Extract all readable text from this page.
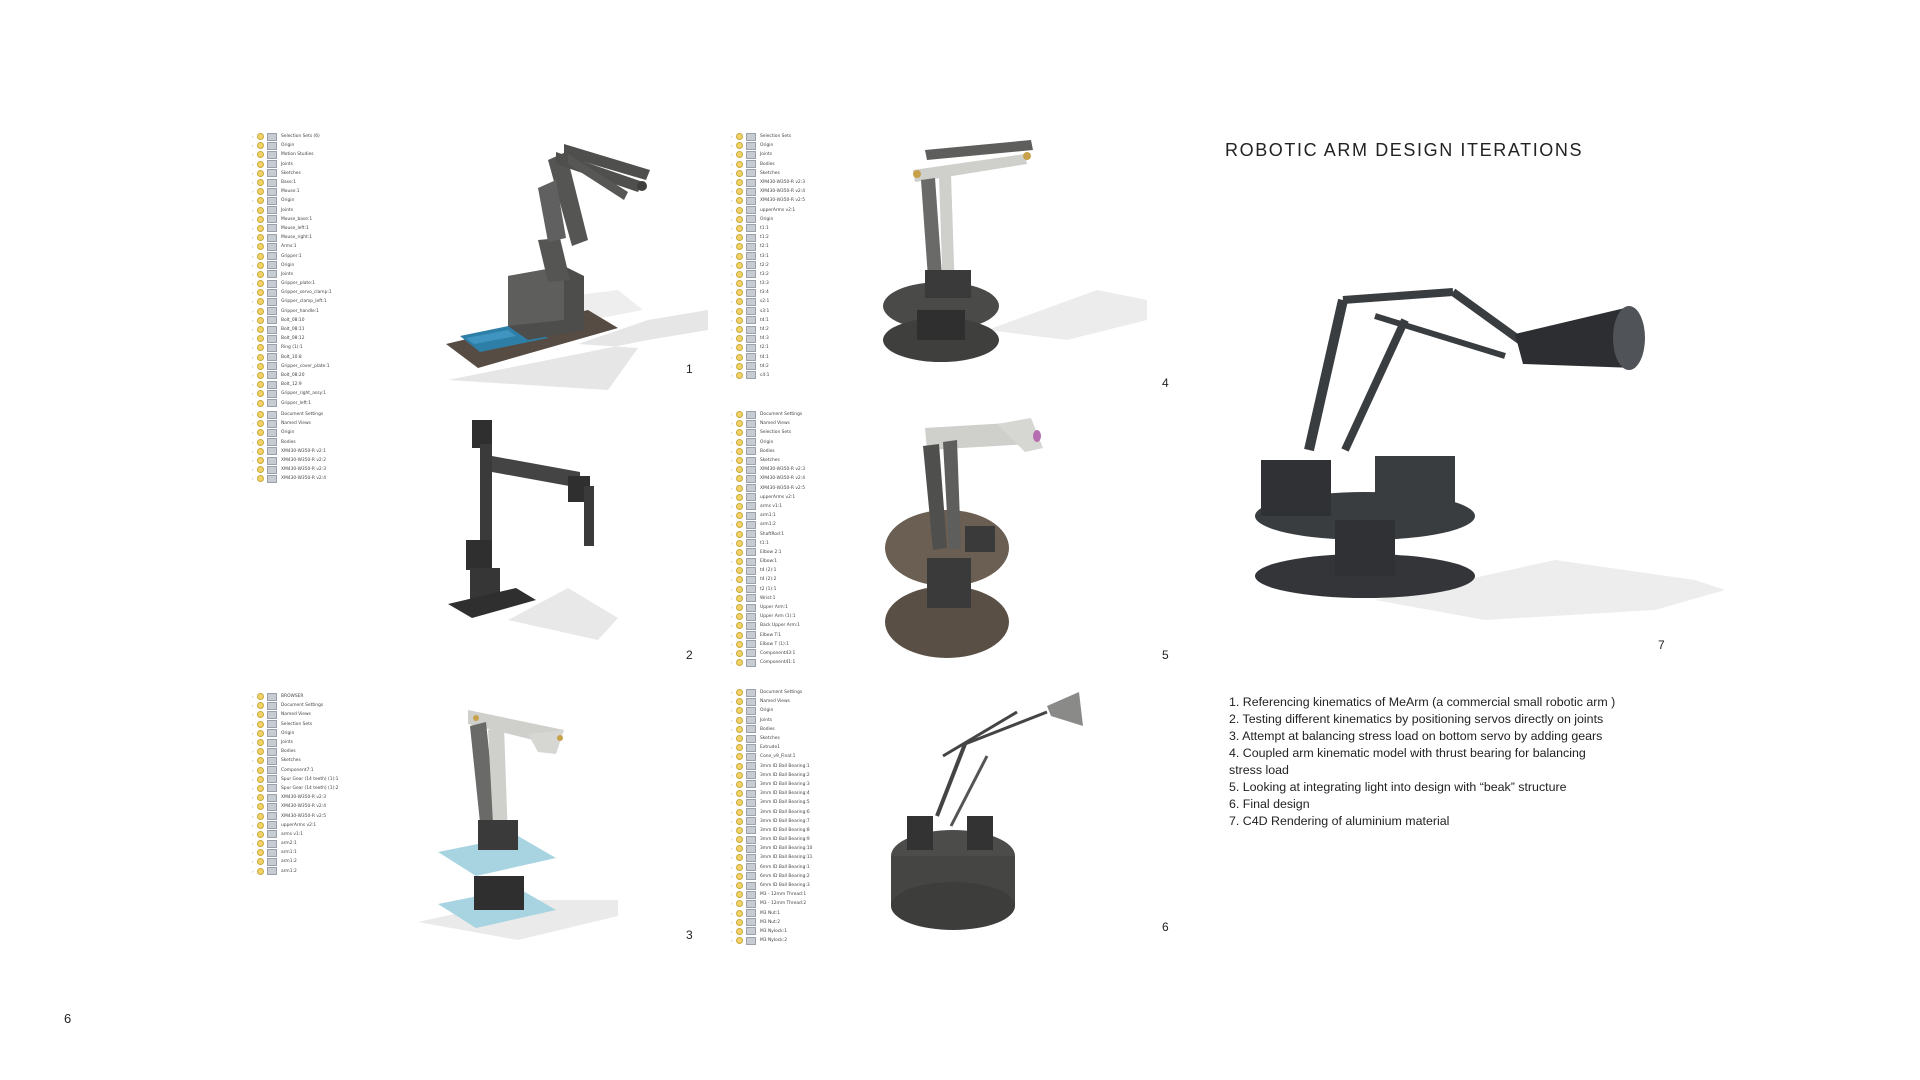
ROBOTIC ARM DESIGN ITERATIONS
›	Selection Sets (6)
›	Origin
›	Motion Studies
›	Joints
›	Sketches
›	Base:1
›	Mouse:1
›	Origin
›	Joints
›	Mouse_base:1
›	Mouse_left:1
›	Mouse_right:1
›	Arms:1
›	Gripper:1
›	Origin
›	Joints
›	Gripper_plate:1
›	Gripper_servo_clamp:1
›	Gripper_clamp_left:1
›	Gripper_handle:1
›	Bolt_08:10
›	Bolt_08:11
›	Bolt_08:12
›	Ring (1):1
›	Bolt_10:8
›	Gripper_cover_plate:1
›	Bolt_08:20
›	Bolt_12:9
›	Gripper_right_assy:1
›	Gripper_left:1
1
›	Document Settings
›	Named Views
›	Origin
›	Bodies
›	XM430-W350-R v2:1
›	XM430-W350-R v2:2
›	XM430-W350-R v2:3
›	XM430-W350-R v2:4
2
›	BROWSER
›	Document Settings
›	Named Views
›	Selection Sets
›	Origin
›	Joints
›	Bodies
›	Sketches
›	Component7:1
›	Spur Gear (14 teeth) (1):1
›	Spur Gear (14 teeth) (1):2
›	XM430-W350-R v2:3
›	XM430-W350-R v2:4
›	XM430-W350-R v2:5
›	upperArms v2:1
›	arms v1:1
›	arm2:1
›	arm1:1
›	arm1:2
›	arm1:2
3
›	Selection Sets
›	Origin
›	Joints
›	Bodies
›	Sketches
›	XM430-W350-R v2:3
›	XM430-W350-R v2:4
›	XM430-W350-R v2:5
›	upperArms v2:1
›	Origin
›	t1:1
›	t1:2
›	t2:1
›	t3:1
›	t2:2
›	t3:2
›	t3:3
›	t3:4
›	s2:1
›	s3:1
›	t4:1
›	t4:2
›	t4:3
›	t2:1
›	t4:1
›	t4:2
›	c4:1
4
›	Document Settings
›	Named Views
›	Selection Sets
›	Origin
›	Bodies
›	Sketches
›	XM430-W350-R v2:3
›	XM430-W350-R v2:4
›	XM430-W350-R v2:5
›	upperArms v2:1
›	arms v1:1
›	arm1:1
›	arm1:2
›	ShaftRod:1
›	t1:1
›	Elbow 2:1
›	Elbow:1
›	t4 (2):1
›	t4 (2):2
›	t2 (1):1
›	Wrist:1
›	Upper Arm:1
›	Upper Arm (1):1
›	Back Upper Arm:1
›	Elbow T:1
›	Elbow T (1):1
›	Component43:1
›	Component41:1
5
›	Document Settings
›	Named Views
›	Origin
›	Joints
›	Bodies
›	Sketches
›	Extrude1
›	Cone_v9_Final:1
›	3mm ID Ball Bearing:1
›	3mm ID Ball Bearing:2
›	3mm ID Ball Bearing:3
›	3mm ID Ball Bearing:4
›	3mm ID Ball Bearing:5
›	3mm ID Ball Bearing:6
›	3mm ID Ball Bearing:7
›	3mm ID Ball Bearing:8
›	3mm ID Ball Bearing:9
›	3mm ID Ball Bearing:10
›	3mm ID Ball Bearing:11
›	6mm ID Ball Bearing:1
›	6mm ID Ball Bearing:2
›	6mm ID Ball Bearing:3
›	M3 - 12mm Thread:1
›	M3 - 12mm Thread:2
›	M3 Nut:1
›	M3 Nut:2
›	M3 Nylock:1
›	M3 Nylock:2
6
7
1. Referencing kinematics of MeArm (a commercial small robotic arm )
2. Testing different kinematics by positioning servos directly on joints
3. Attempt at balancing stress load on bottom servo by adding gears
4. Coupled arm kinematic model with thrust bearing for balancing stress load
5. Looking at integrating light into design with “beak” structure
6. Final design
7. C4D Rendering of aluminium material
6
